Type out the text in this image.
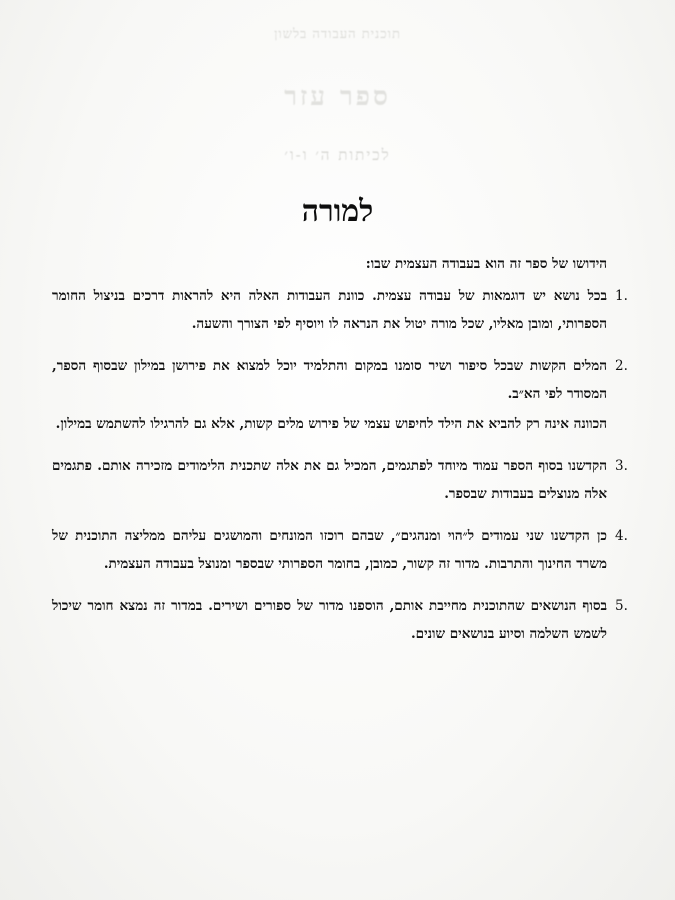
תוכנית העבודה בלשון
ספר עזר
לכיתות ה׳ ו-ו׳
למורה

הידושו של ספר זה הוא בעבודה העצמית שבו:

1.
בכל נושא יש דוגמאות של עבודה עצמית. כוונת העבודות האלה היא להראות דרכים בניצול החומר הספרותי, ומובן מאליו, שכל מורה יטול את הנראה לו ויוסיף לפי הצורך והשעה.
2.
המלים הקשות שבכל סיפור ושיר סומנו במקום והתלמיד יוכל למצוא את פירושן במילון שבסוף הספר, המסודר לפי הא״ב.
הכוונה אינה רק להביא את הילד לחיפוש עצמי של פירוש מלים קשות, אלא גם להרגילו להשתמש במילון.
3.
הקדשנו בסוף הספר עמוד מיוחד לפתגמים, המכיל גם את אלה שתכנית הלימודים מזכירה אותם. פתגמים אלה מנוצלים בעבודות שבספר.
4.
כן הקדשנו שני עמודים ל״הוי ומנהגים״, שבהם רוכזו המונחים והמושגים עליהם ממליצה התוכנית של משרד החינוך והתרבות. מדור זה קשור, כמובן, בחומר הספרותי שבספר ומנוצל בעבודה העצמית.
5.
בסוף הנושאים שהתוכנית מחייבת אותם, הוספנו מדור של ספורים ושירים. במדור זה נמצא חומר שיכול לשמש השלמה וסיוע בנושאים שונים.
